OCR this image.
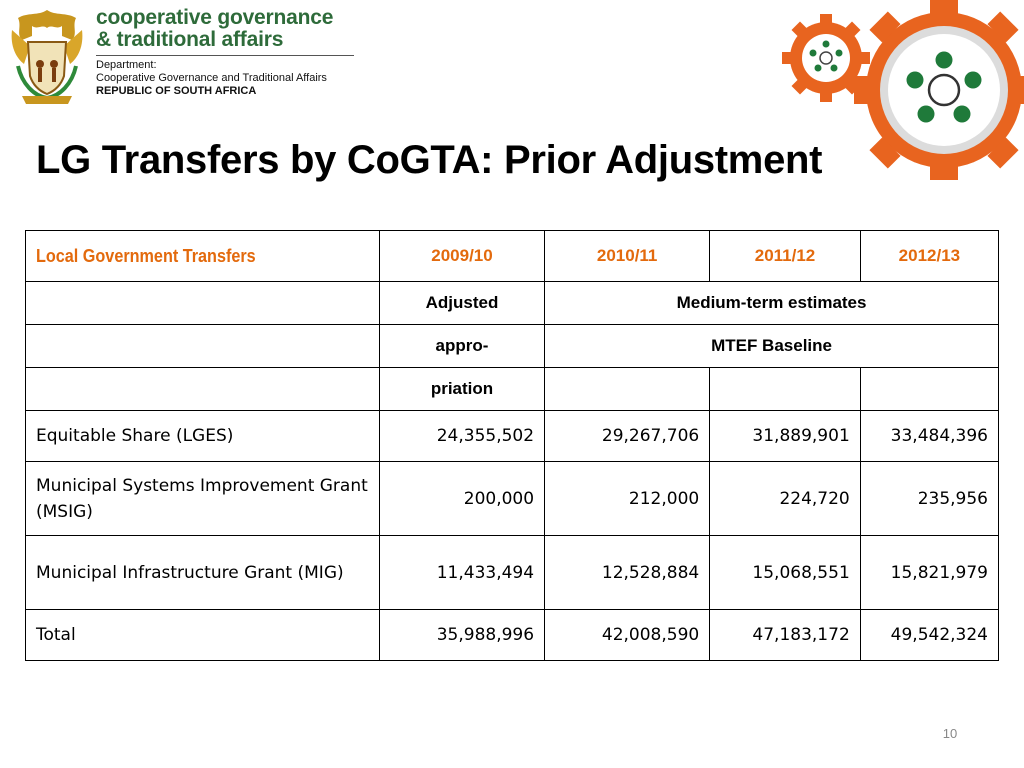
cooperative governance
& traditional affairs
Department:
Cooperative Governance and Traditional Affairs
REPUBLIC OF SOUTH AFRICA
LG Transfers by CoGTA: Prior Adjustment
Local Government Transfers	2009/10	2010/11	2011/12	2012/13
	Adjusted	Medium-term estimates		
	appro-	MTEF Baseline		
	priation			
Equitable Share (LGES)	24,355,502	29,267,706	31,889,901	33,484,396
Municipal Systems Improvement Grant (MSIG)	200,000	212,000	224,720	235,956
Municipal Infrastructure Grant (MIG)	11,433,494	12,528,884	15,068,551	15,821,979
Total	35,988,996	42,008,590	47,183,172	49,542,324
10
